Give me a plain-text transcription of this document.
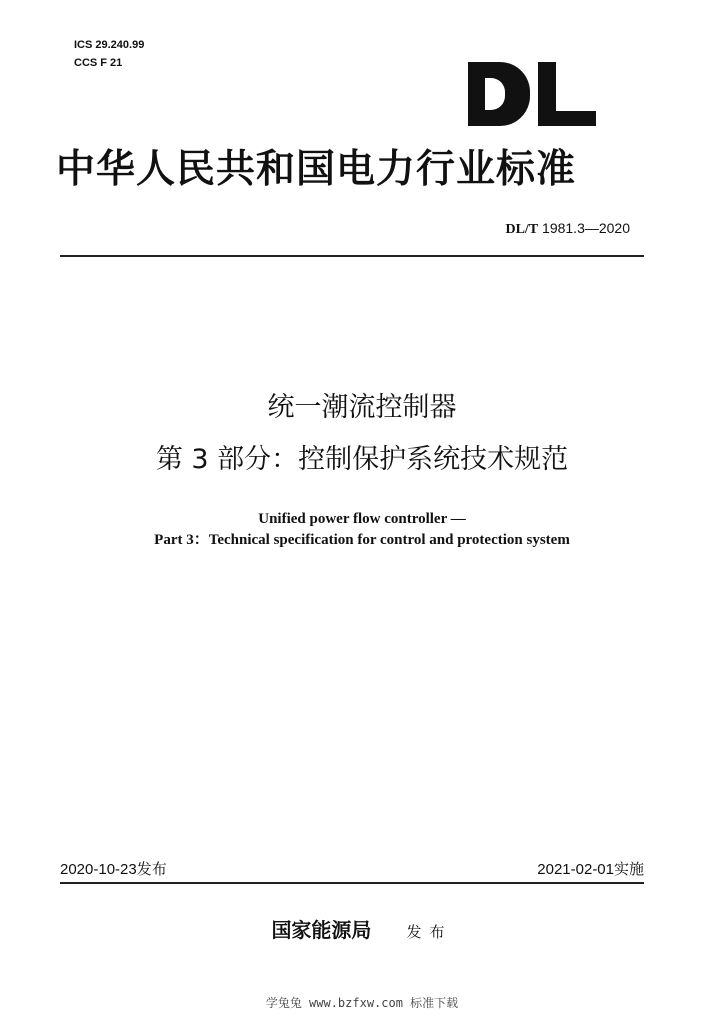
ICS 29.240.99
CCS F 21
中华人民共和国电力行业标准
DL/T 1981.3—2020
统一潮流控制器
第 3 部分：控制保护系统技术规范
Unified power flow controller —
Part 3：Technical specification for control and protection system
2020-10-23发布	2021-02-01实施
国家能源局 发布
学兔兔 www.bzfxw.com 标准下载
